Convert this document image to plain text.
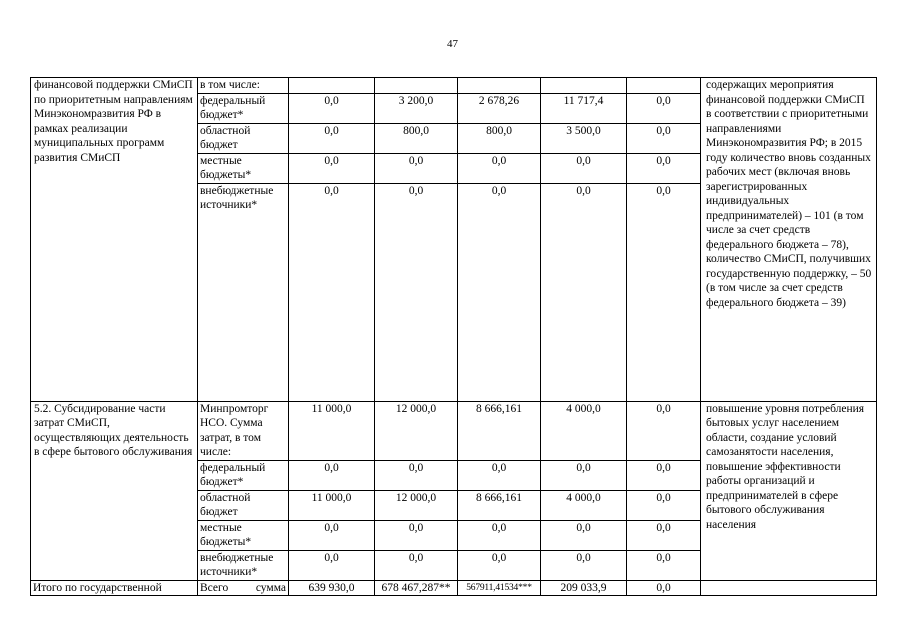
47
финансовой поддержки СМиСП по приоритетным направлениям Минэкономразвития РФ в рамках реализации муниципальных программ развития СМиСП	в том числе:						содержащих мероприятия финансовой поддержки СМиСП в соответствии с приоритетными направлениями Минэкономразвития РФ; в 2015 году количество вновь созданных рабочих мест (включая вновь зарегистрированных индивидуальных предпринимателей) – 101 (в том числе за счет средств федерального бюджета – 78), количество СМиСП, получивших государственную поддержку, – 50 (в том числе за счет средств федерального бюджета – 39)
	федеральный бюджет*	0,0	3 200,0	2 678,26	11 717,4	0,0	
	областной бюджет	0,0	800,0	800,0	3 500,0	0,0	
	местные бюджеты*	0,0	0,0	0,0	0,0	0,0	
	внебюджетные источники*	0,0	0,0	0,0	0,0	0,0	
5.2. Субсидирование части затрат СМиСП, осуществляющих деятельность в сфере бытового обслуживания	Минпромторг НСО. Сумма затрат, в том числе:	11 000,0	12 000,0	8 666,161	4 000,0	0,0	повышение уровня потребления бытовых услуг населением области, создание условий самозанятости населения, повышение эффективности работы организаций и предпринимателей в сфере бытового обслуживания населения
	федеральный бюджет*	0,0	0,0	0,0	0,0	0,0	
	областной бюджет	11 000,0	12 000,0	8 666,161	4 000,0	0,0	
	местные бюджеты*	0,0	0,0	0,0	0,0	0,0	
	внебюджетные источники*	0,0	0,0	0,0	0,0	0,0	
Итого по государственной	Всего сумма	639 930,0	678 467,287**	567911,41534***	209 033,9	0,0	
